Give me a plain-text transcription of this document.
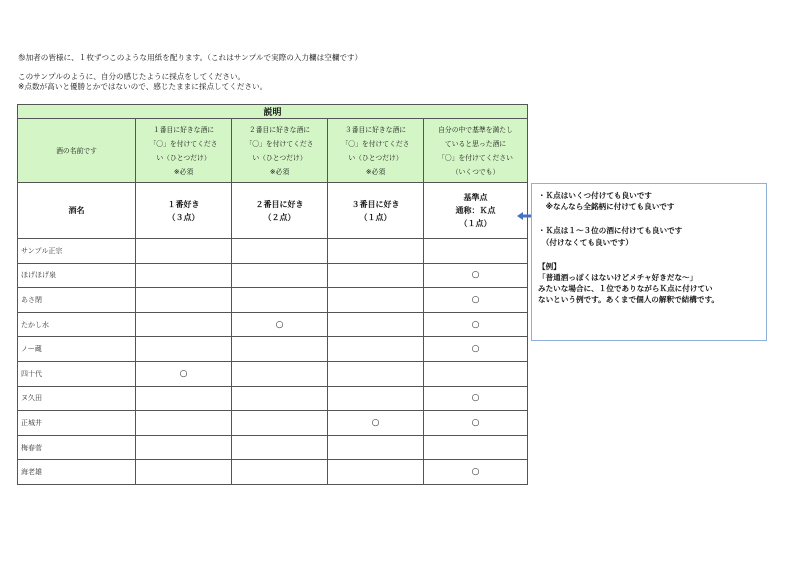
参加者の皆様に、１枚ずつこのような用紙を配ります。（これはサンプルで実際の入力欄は空欄です）
このサンプルのように、自分の感じたように採点をしてください。
※点数が高いと優勝とかではないので、感じたままに採点してください。
説明				
酒の名前です	１番目に好きな酒に
「〇」を付けてくださ
い（ひとつだけ）
※必須	２番目に好きな酒に
「〇」を付けてくださ
い（ひとつだけ）
※必須	３番目に好きな酒に
「〇」を付けてくださ
い（ひとつだけ）
※必須	自分の中で基準を満たし
ていると思った酒に
「〇」を付けてください
（いくつでも）
酒名	１番好き
（３点）	２番目に好き
（２点）	３番目に好き
（１点）	基準点
通称：Ｋ点
（１点）
サンプル正宗				
ほげほげ泉				○
あさ閉				○
たかし水		○		○
ノー蔵				○
四十代	○			
ヌ久田				○
正城井			○	○
梅春菅				
海老雄				○
・Ｋ点はいくつ付けても良いです
　※なんなら全銘柄に付けても良いです
・Ｋ点は１～３位の酒に付けても良いです
　（付けなくても良いです）
【例】
「普通酒っぽくはないけどメチャ好きだな～」
みたいな場合に、１位でありながらＫ点に付けてい
ないという例です。あくまで個人の解釈で結構です。
